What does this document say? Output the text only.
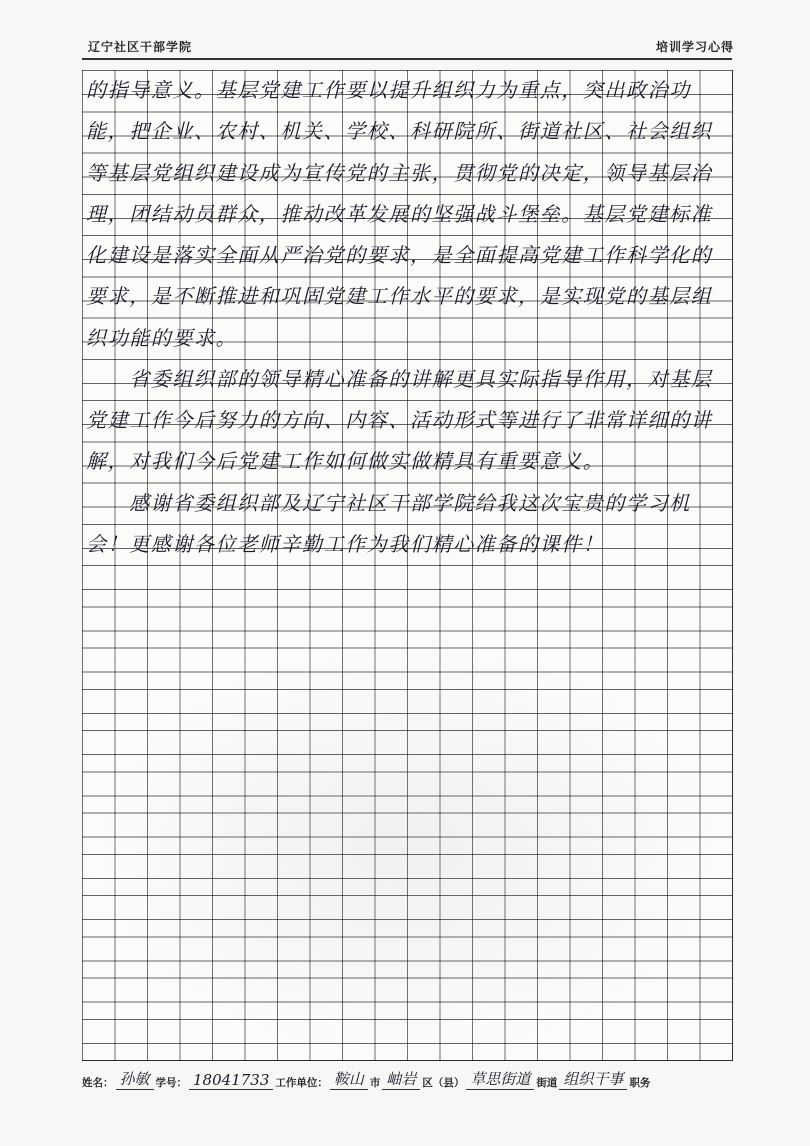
辽宁社区干部学院	培训学习心得
的指导意义。基层党建工作要以提升组织力为重点，突出政治功能，把企业、农村、机关、学校、科研院所、街道社区、社会组织等基层党组织建设成为宣传党的主张，贯彻党的决定，领导基层治理，团结动员群众，推动改革发展的坚强战斗堡垒。基层党建标准化建设是落实全面从严治党的要求，是全面提高党建工作科学化的要求，是不断推进和巩固党建工作水平的要求，是实现党的基层组织功能的要求。
　　省委组织部的领导精心准备的讲解更具实际指导作用，对基层党建工作今后努力的方向、内容、活动形式等进行了非常详细的讲解，对我们今后党建工作如何做实做精具有重要意义。
　　感谢省委组织部及辽宁社区干部学院给我这次宝贵的学习机会！更感谢各位老师辛勤工作为我们精心准备的课件！
姓名： 孙敏 学号： 18041733 工作单位： 鞍山 市 岫岩 区（县） 草思街道 街道 组织干事 职务
